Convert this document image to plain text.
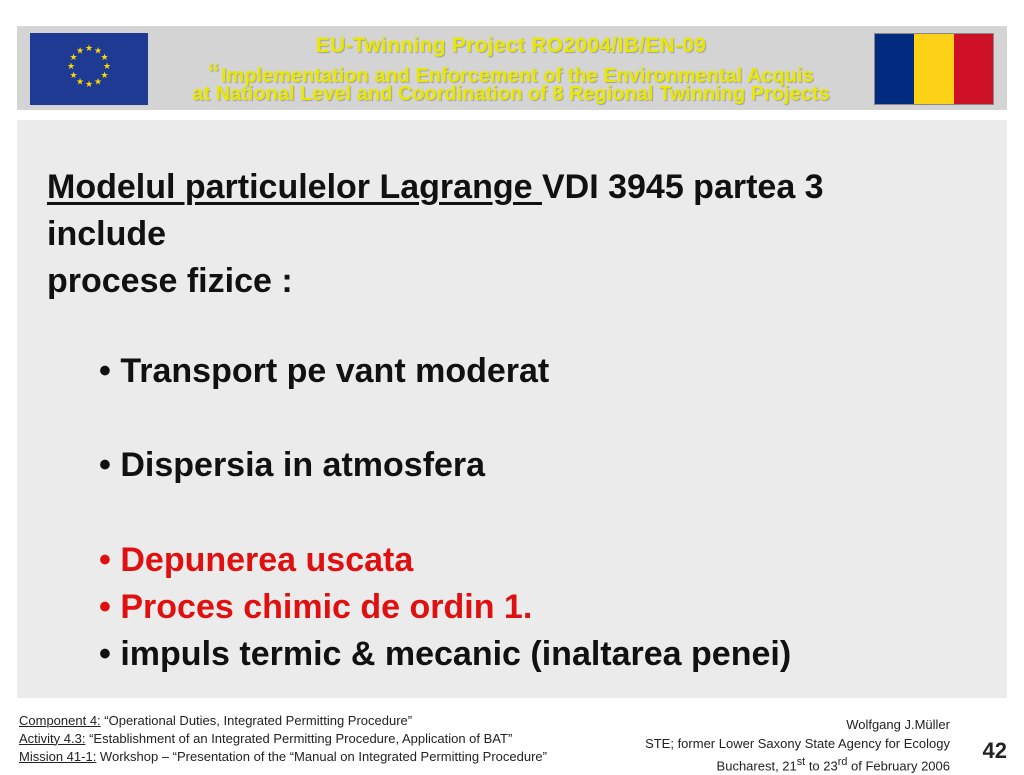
★ ★
★
★
★
★
★
★
★
★
★
★	EU-Twinning Project RO2004/IB/EN-09
“ Implementation and Enforcement of the Environmental Acquis
at National Level and Coordination of 8 Regional Twinning Projects
Modelul particulelor Lagrange VDI 3945 partea 3
include
procese fizice :
• Transport pe vant moderat
• Dispersia in atmosfera
• Depunerea uscata
• Proces chimic de ordin 1.
• impuls termic & mecanic (inaltarea penei)
Component 4: “Operational Duties, Integrated Permitting Procedure”
Activity 4.3: “Establishment of an Integrated Permitting Procedure, Application of BAT”
Mission 41-1: Workshop – “Presentation of the “Manual on Integrated Permitting Procedure”
Wolfgang J.Müller
STE; former Lower Saxony State Agency for Ecology
Bucharest, 21st to 23rd of February 2006
42
